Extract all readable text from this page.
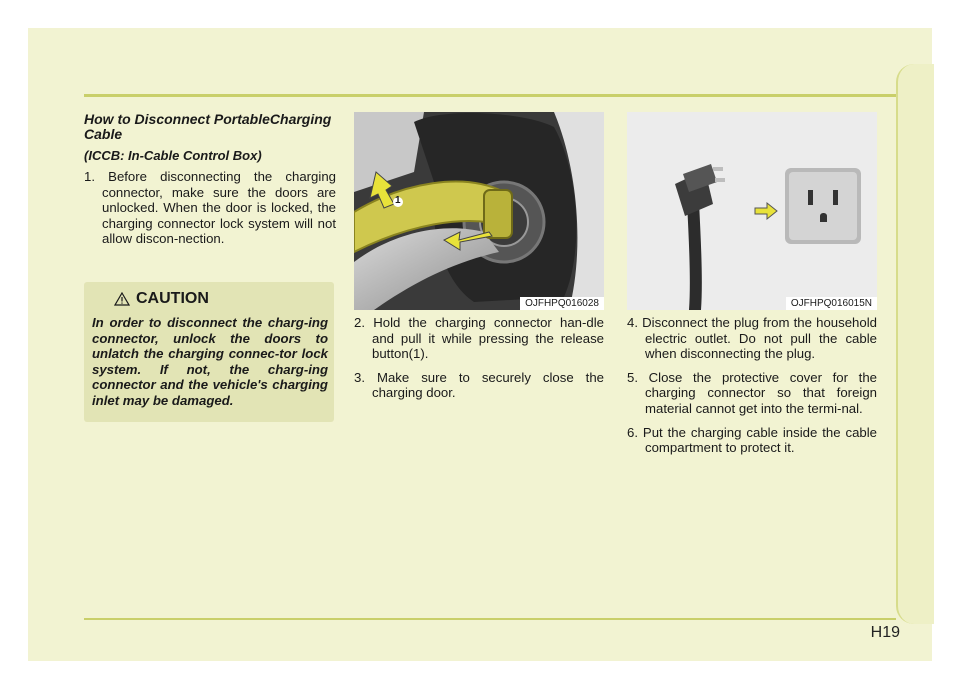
H19

How to Disconnect PortableCharging Cable

(ICCB: In-Cable Control Box)

1. Before disconnecting the charging connector, make sure the doors are unlocked. When the door is locked, the charging connector lock system will not allow discon-nection.

CAUTION

In order to disconnect the charg-ing connector, unlock the doors to unlatch the charging connec-tor lock system. If not, the charg-ing connector and the vehicle's charging inlet may be damaged.

OJFHPQ016028
1
OJFHPQ016015N

2. Hold the charging connector han-dle and pull it while pressing the release button(1).

3. Make sure to securely close the charging door.

4. Disconnect the plug from the household electric outlet. Do not pull the cable when disconnecting the plug.

5. Close the protective cover for the charging connector so that foreign material cannot get into the termi-nal.

6. Put the charging cable inside the cable compartment to protect it.
